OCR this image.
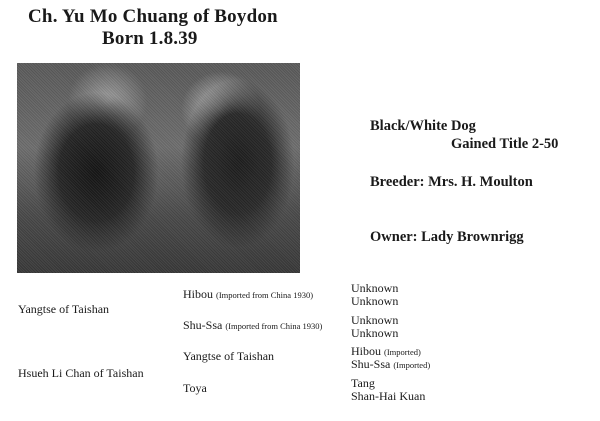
Ch. Yu Mo Chuang of Boydon
Born 1.8.39
Black/White Dog
Gained Title 2-50
Breeder: Mrs. H. Moulton
Owner: Lady Brownrigg
Yangtse of Taishan
Hsueh Li Chan of Taishan
Hibou (Imported from China 1930)
Shu-Ssa (Imported from China 1930)
Yangtse of Taishan
Toya
Unknown
Unknown
Unknown
Unknown
Hibou (Imported)
Shu-Ssa (Imported)
Tang
Shan-Hai Kuan
